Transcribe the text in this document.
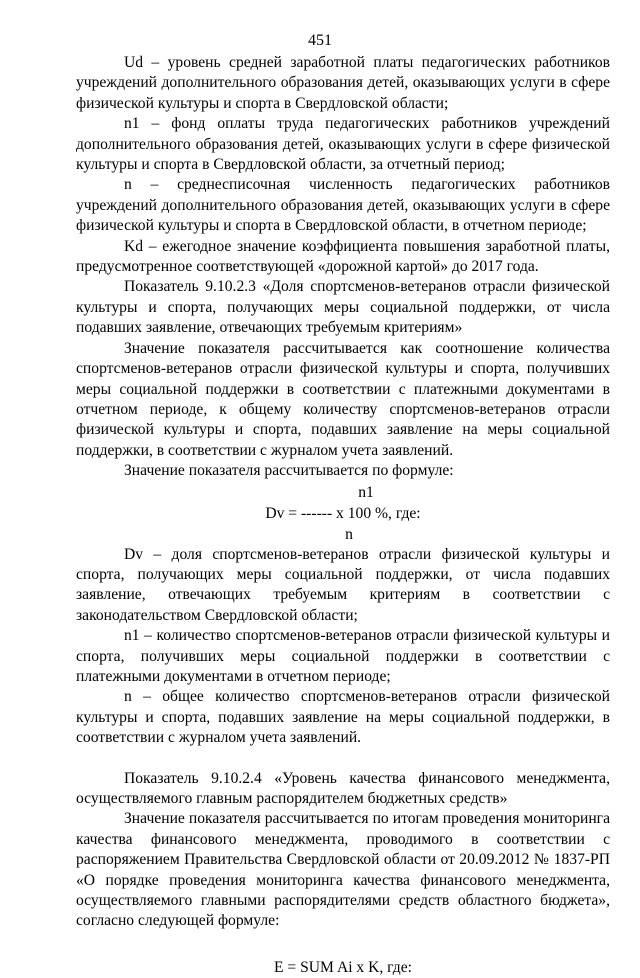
451

Ud – уровень средней заработной платы педагогических работников учреждений дополнительного образования детей, оказывающих услуги в сфере физической культуры и спорта в Свердловской области;

n1 – фонд оплаты труда педагогических работников учреждений дополнительного образования детей, оказывающих услуги в сфере физической культуры и спорта в Свердловской области, за отчетный период;

n – среднесписочная численность педагогических работников учреждений дополнительного образования детей, оказывающих услуги в сфере физической культуры и спорта в Свердловской области, в отчетном периоде;

Kd – ежегодное значение коэффициента повышения заработной платы, предусмотренное соответствующей «дорожной картой» до 2017 года.

Показатель 9.10.2.3 «Доля спортсменов-ветеранов отрасли физической культуры и спорта, получающих меры социальной поддержки, от числа подавших заявление, отвечающих требуемым критериям»

Значение показателя рассчитывается как соотношение количества спортсменов-ветеранов отрасли физической культуры и спорта, получивших меры социальной поддержки в соответствии с платежными документами в отчетном периоде, к общему количеству спортсменов-ветеранов отрасли физической культуры и спорта, подавших заявление на меры социальной поддержки, в соответствии с журналом учета заявлений.

Значение показателя рассчитывается по формуле:

n1
Dv = ------ x 100 %, где:
n

Dv – доля спортсменов-ветеранов отрасли физической культуры и спорта, получающих меры социальной поддержки, от числа подавших заявление, отвечающих требуемым критериям в соответствии с законодательством Свердловской области;

n1 – количество спортсменов-ветеранов отрасли физической культуры и спорта, получивших меры социальной поддержки в соответствии с платежными документами в отчетном периоде;

n – общее количество спортсменов-ветеранов отрасли физической культуры и спорта, подавших заявление на меры социальной поддержки, в соответствии с журналом учета заявлений.

Показатель 9.10.2.4 «Уровень качества финансового менеджмента, осуществляемого главным распорядителем бюджетных средств»

Значение показателя рассчитывается по итогам проведения мониторинга качества финансового менеджмента, проводимого в соответствии с распоряжением Правительства Свердловской области от 20.09.2012 № 1837-РП «О порядке проведения мониторинга качества финансового менеджмента, осуществляемого главными распорядителями средств областного бюджета», согласно следующей формуле:

E = SUM Ai x K, где:
